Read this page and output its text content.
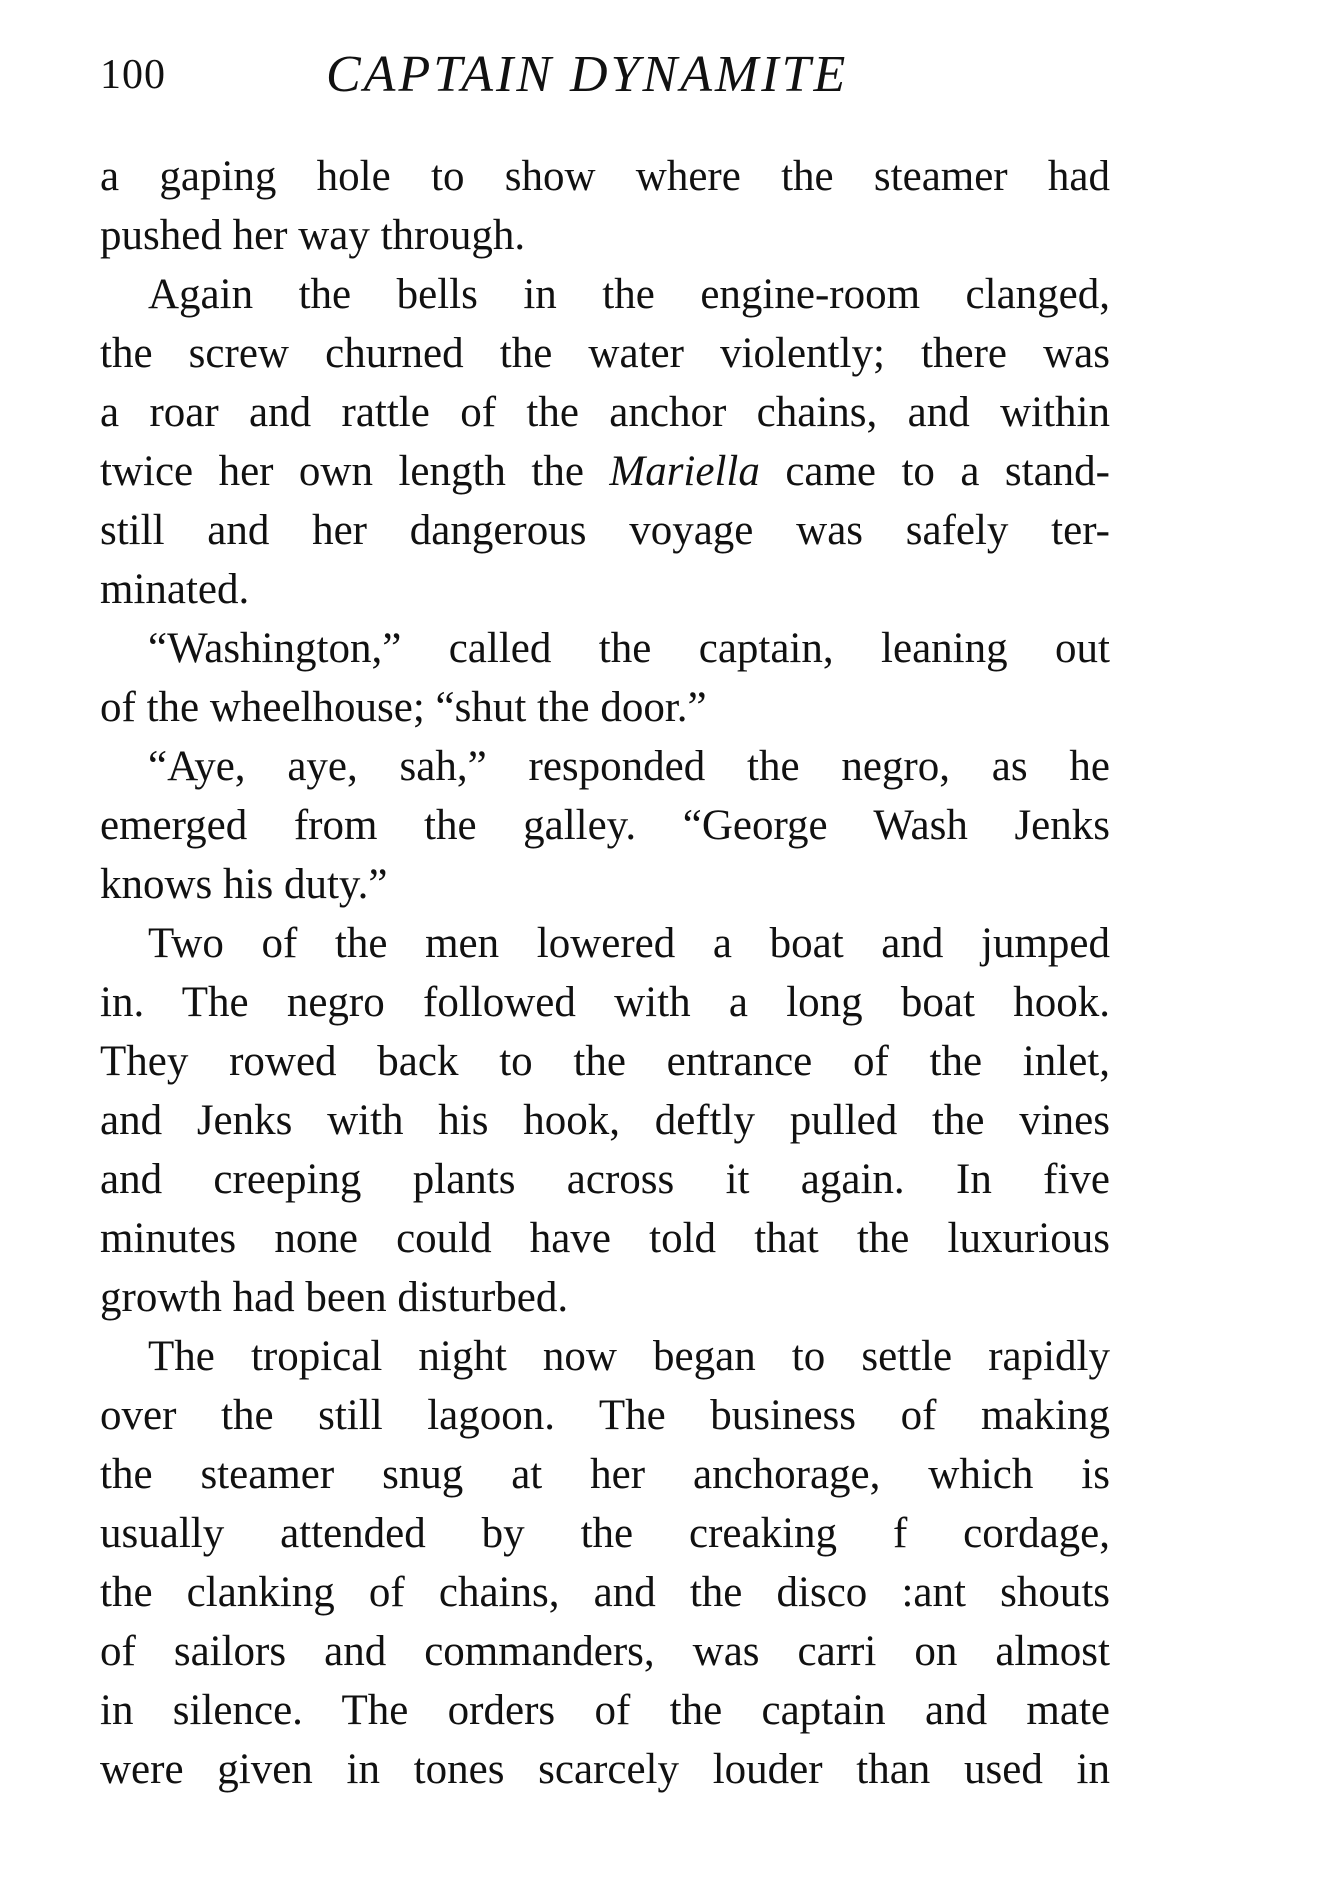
100	CAPTAIN DYNAMITE
a gaping hole to show where the steamer had
pushed her way through.
Again the bells in the engine-room clanged,
the screw churned the water violently; there was
a roar and rattle of the anchor chains, and within
twice her own length the Mariella came to a stand-
still and her dangerous voyage was safely ter-
minated.
“Washington,” called the captain, leaning out
of the wheelhouse; “shut the door.”
“Aye, aye, sah,” responded the negro, as he
emerged from the galley. “George Wash Jenks
knows his duty.”
Two of the men lowered a boat and jumped
in. The negro followed with a long boat hook.
They rowed back to the entrance of the inlet,
and Jenks with his hook, deftly pulled the vines
and creeping plants across it again. In five
minutes none could have told that the luxurious
growth had been disturbed.
The tropical night now began to settle rapidly
over the still lagoon. The business of making
the steamer snug at her anchorage, which is
usually attended by the creaking f cordage,
the clanking of chains, and the disco :ant shouts
of sailors and commanders, was carri on almost
in silence. The orders of the captain and mate
were given in tones scarcely louder than used in
